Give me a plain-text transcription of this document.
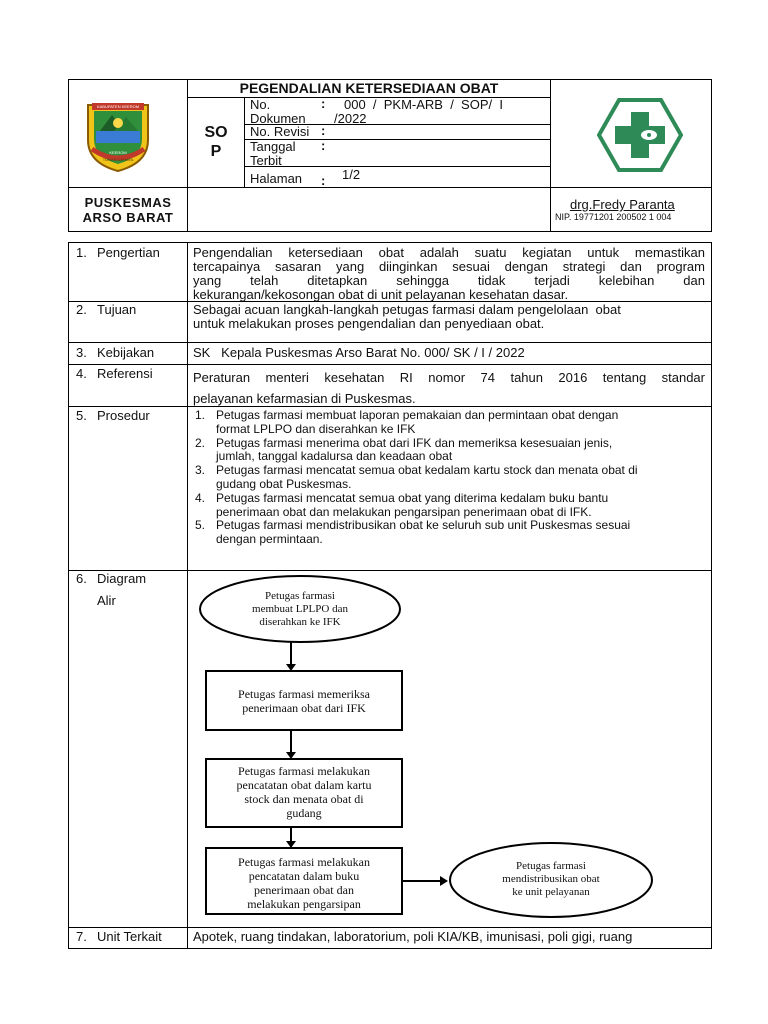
KABUPATEN KEEROM
KEEROM
TUNAS CAHAYA
PEGENDALIAN KETERSEDIAAN OBAT
SO
P
No.
Dokumen
: 000  /  PKM-ARB  /  SOP/  I
/2022
No. Revisi :
Tanggal
Terbit
:
Halaman : 1/2
PUSKESMAS
ARSO BARAT
drg.Fredy Paranta
NIP. 19771201 200502 1 004
1. Pengertian
2. Tujuan
3. Kebijakan
4. Referensi
5. Prosedur
6. Diagram
Alir
7. Unit Terkait
Pengendalian ketersediaan obat adalah suatu kegiatan untuk memastikan
tercapainya sasaran yang diinginkan sesuai dengan strategi dan program
yang telah ditetapkan sehingga tidak terjadi kelebihan dan
kekurangan/kekosongan obat di unit pelayanan kesehatan dasar.
Sebagai acuan langkah-langkah petugas farmasi dalam pengelolaan  obat
untuk melakukan proses pengendalian dan penyediaan obat.
SK   Kepala Puskesmas Arso Barat No. 000/ SK / I / 2022
Peraturan menteri kesehatan RI nomor 74 tahun 2016 tentang standar
pelayanan kefarmasian di Puskesmas.
1. Petugas farmasi membuat laporan pemakaian dan permintaan obat dengan
format LPLPO dan diserahkan ke IFK
2. Petugas farmasi menerima obat dari IFK dan memeriksa kesesuaian jenis,
jumlah, tanggal kadalursa dan keadaan obat
3. Petugas farmasi mencatat semua obat kedalam kartu stock dan menata obat di
gudang obat Puskesmas.
4. Petugas farmasi mencatat semua obat yang diterima kedalam buku bantu
penerimaan obat dan melakukan pengarsipan penerimaan obat di IFK.
5. Petugas farmasi mendistribusikan obat ke seluruh sub unit Puskesmas sesuai
dengan permintaan.
Apotek, ruang tindakan, laboratorium, poli KIA/KB, imunisasi, poli gigi, ruang
Petugas farmasi
membuat LPLPO dan
diserahkan ke IFK
Petugas farmasi memeriksa
penerimaan obat dari IFK
Petugas farmasi melakukan
pencatatan obat dalam kartu
stock dan menata obat di
gudang
Petugas farmasi melakukan
pencatatan dalam buku
penerimaan obat dan
melakukan pengarsipan
Petugas farmasi
mendistribusikan obat
ke unit pelayanan
